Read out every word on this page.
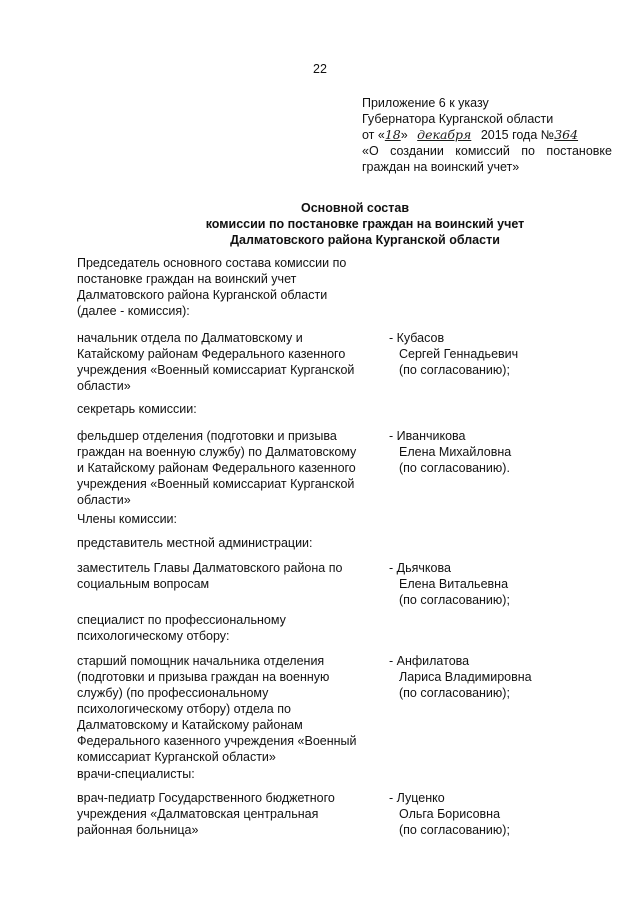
22
Приложение 6 к указу
Губернатора Курганской области
от «18» декабря 2015 года №364
«О создании комиссий по постановке
граждан на воинский учет»
Основной состав
комиссии по постановке граждан на воинский учет
Далматовского района Курганской области
Председатель основного состава комиссии по
постановке граждан на воинский учет
Далматовского района Курганской области
(далее - комиссия):
начальник отдела по Далматовскому и
Катайскому районам Федерального казенного
учреждения «Военный комиссариат Курганской
области»
- Кубасов
Сергей Геннадьевич
(по согласованию);
секретарь комиссии:
фельдшер отделения (подготовки и призыва
граждан на военную службу) по Далматовскому
и Катайскому районам Федерального казенного
учреждения «Военный комиссариат Курганской
области»
- Иванчикова
Елена Михайловна
(по согласованию).
Члены комиссии:
представитель местной администрации:
заместитель Главы Далматовского района по
социальным вопросам
- Дьячкова
Елена Витальевна
(по согласованию);
специалист по профессиональному
психологическому отбору:
старший помощник начальника отделения
(подготовки и призыва граждан на военную
службу) (по профессиональному
психологическому отбору) отдела по
Далматовскому и Катайскому районам
Федерального казенного учреждения «Военный
комиссариат Курганской области»
- Анфилатова
Лариса Владимировна
(по согласованию);
врачи-специалисты:
врач-педиатр Государственного бюджетного
учреждения «Далматовская центральная
районная больница»
- Луценко
Ольга Борисовна
(по согласованию);
